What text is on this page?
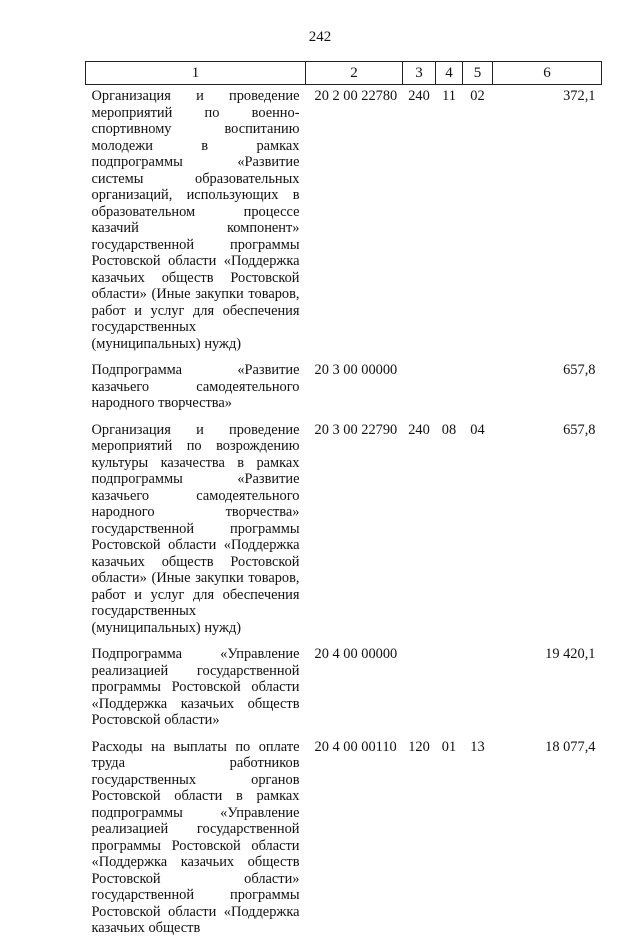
242
1	2	3	4	5	6
Организация и проведение мероприятий по военно-спортивному воспитанию молодежи в рамках подпрограммы «Развитие системы образовательных организаций, использующих в образовательном процессе казачий компонент» государственной программы Ростовской области «Поддержка казачьих обществ Ростовской области» (Иные закупки товаров, работ и услуг для обеспечения государственных (муниципальных) нужд)	20 2 00 22780	240	11	02	372,1
Подпрограмма «Развитие казачьего самодеятельного народного творчества»	20 3 00 00000				657,8
Организация и проведение мероприятий по возрождению культуры казачества в рамках подпрограммы «Развитие казачьего самодеятельного народного творчества» государственной программы Ростовской области «Поддержка казачьих обществ Ростовской области» (Иные закупки товаров, работ и услуг для обеспечения государственных (муниципальных) нужд)	20 3 00 22790	240	08	04	657,8
Подпрограмма «Управление реализацией государственной программы Ростовской области «Поддержка казачьих обществ Ростовской области»	20 4 00 00000				19 420,1
Расходы на выплаты по оплате труда работников государственных органов Ростовской области в рамках подпрограммы «Управление реализацией государственной программы Ростовской области «Поддержка казачьих обществ Ростовской области» государственной программы Ростовской области «Поддержка казачьих обществ	20 4 00 00110	120	01	13	18 077,4
